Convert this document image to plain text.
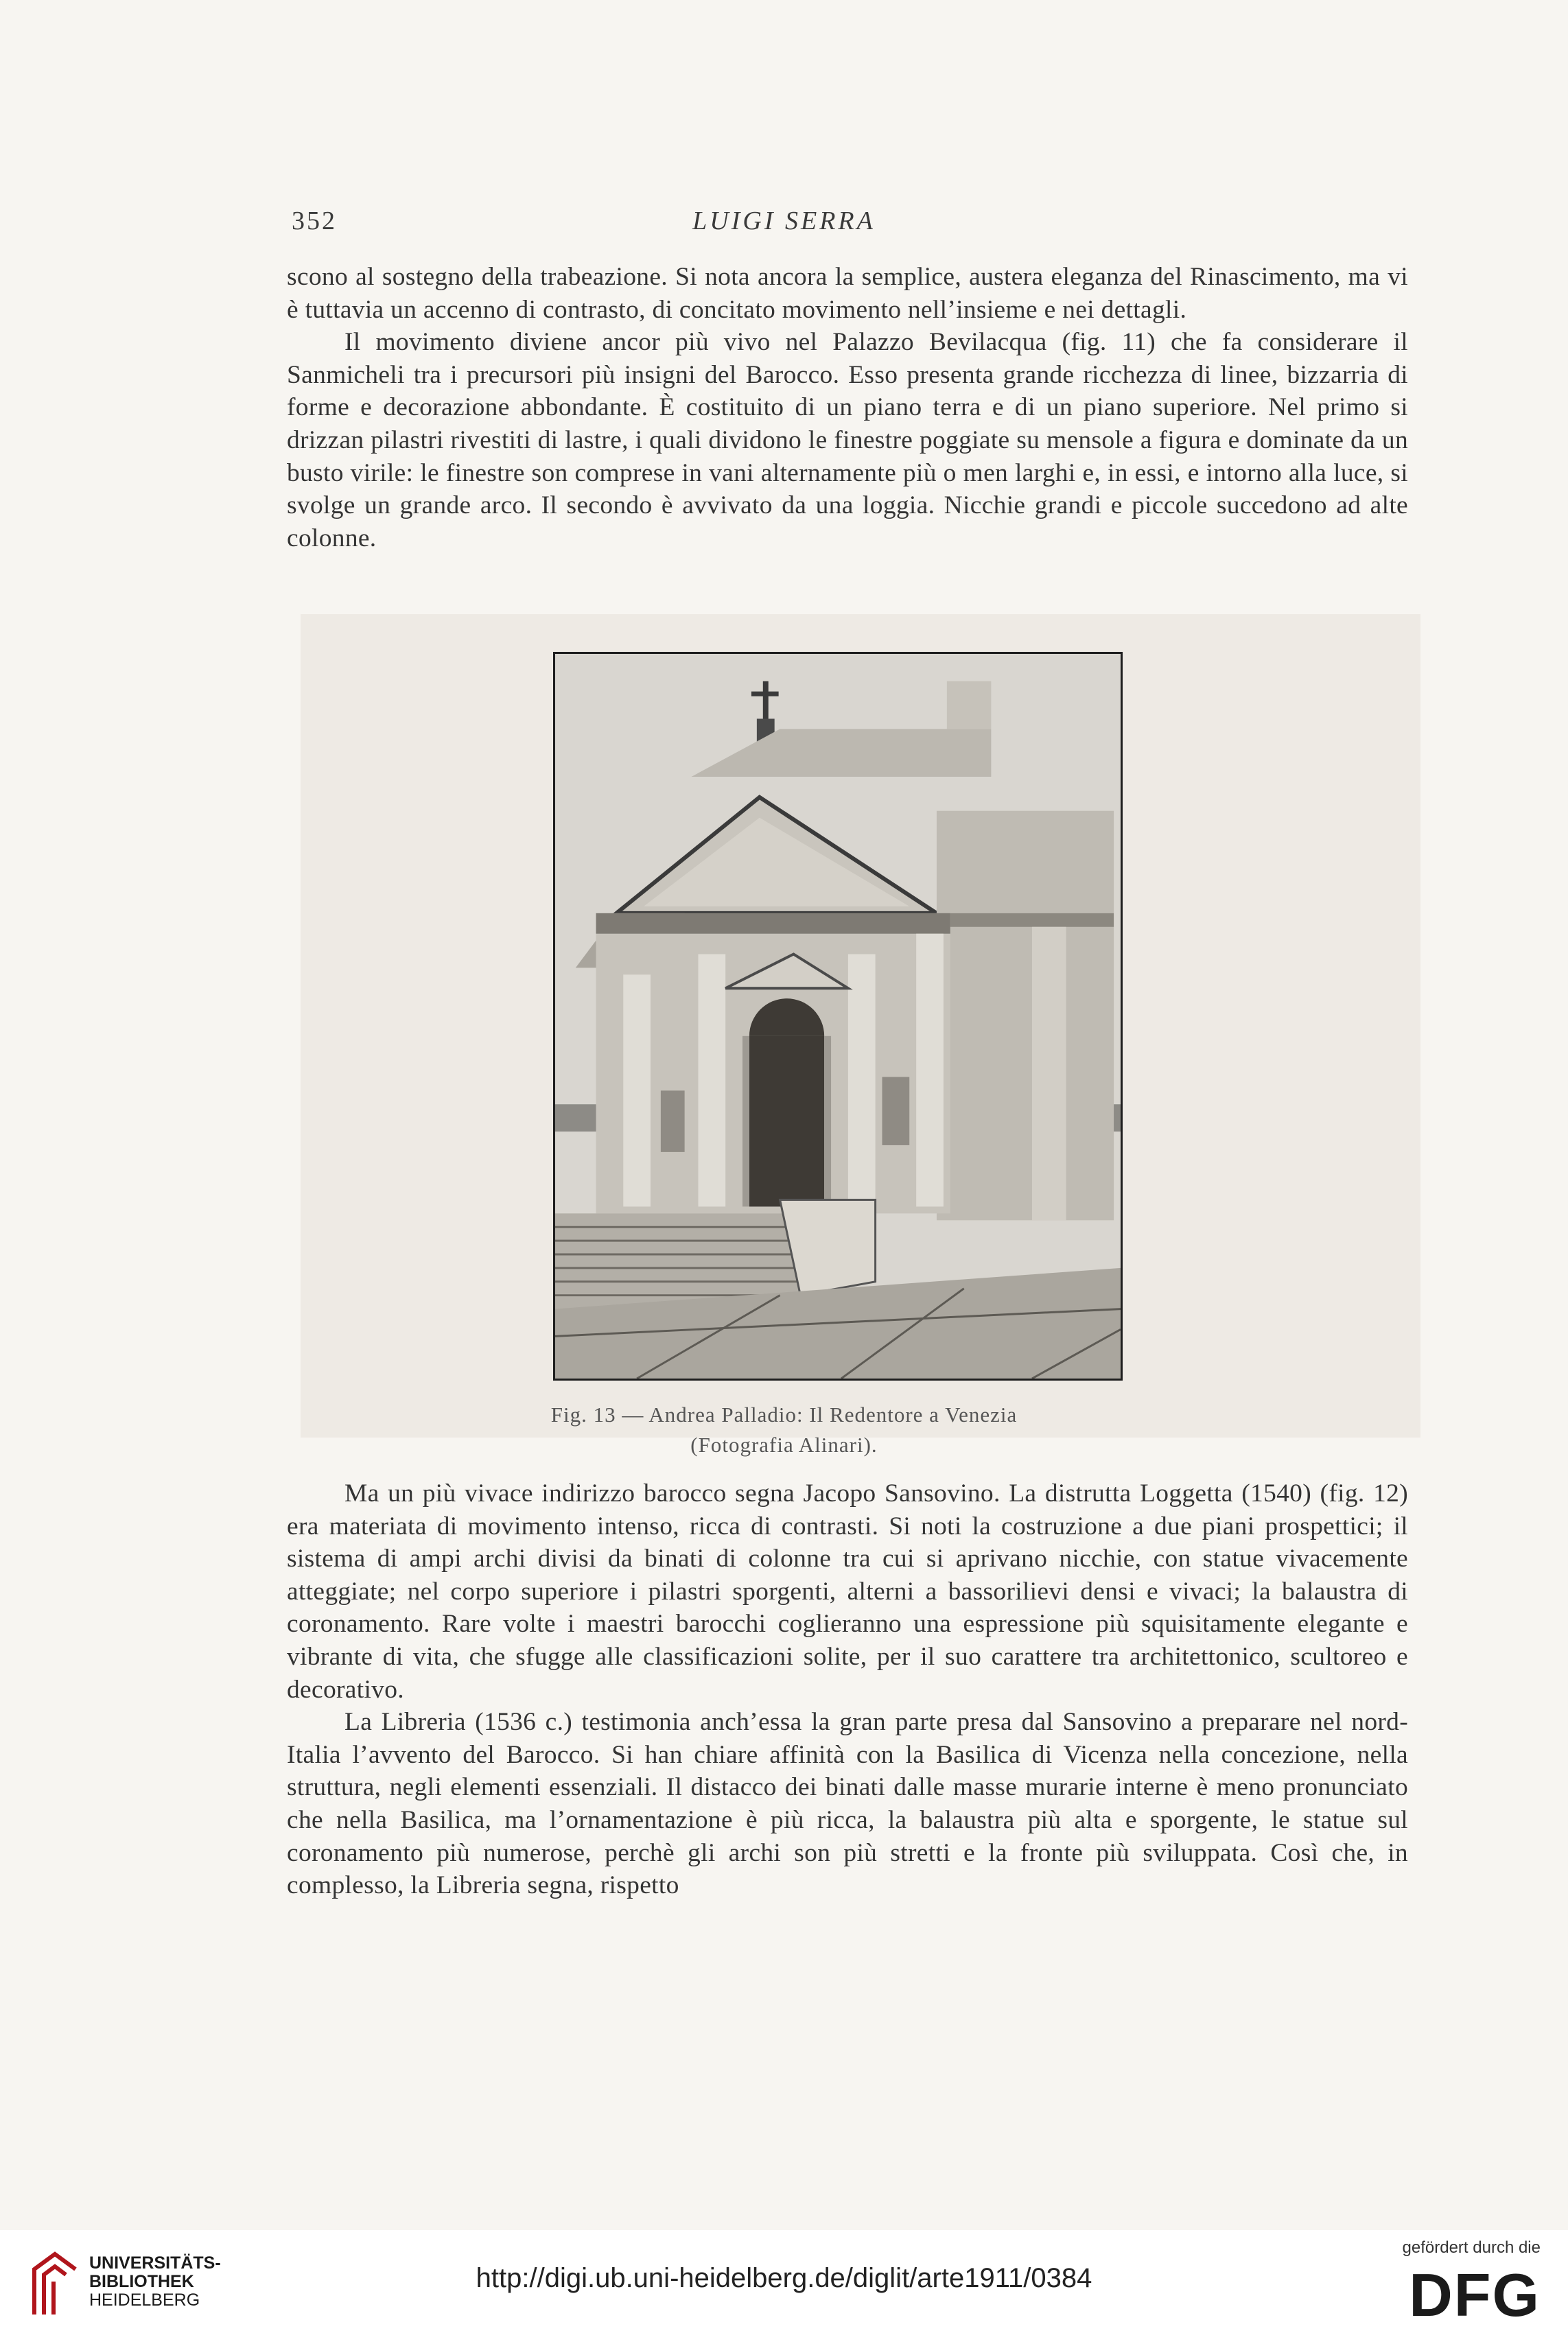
352	LUIGI SERRA

scono al sostegno della trabeazione. Si nota ancora la semplice, austera eleganza del Rinascimento, ma vi è tuttavia un accenno di contrasto, di concitato movimento nell’insieme e nei dettagli.

Il movimento diviene ancor più vivo nel Palazzo Bevilacqua (fig. 11) che fa considerare il Sanmicheli tra i precursori più insigni del Barocco. Esso presenta grande ricchezza di linee, bizzarria di forme e decorazione abbondante. È costituito di un piano terra e di un piano superiore. Nel primo si drizzan pilastri rivestiti di lastre, i quali dividono le finestre poggiate su mensole a figura e dominate da un busto virile: le finestre son comprese in vani alternamente più o men larghi e, in essi, e intorno alla luce, si svolge un grande arco. Il secondo è avvivato da una loggia. Nicchie grandi e piccole succedono ad alte colonne.

Fig. 13 — Andrea Palladio: Il Redentore a Venezia
(Fotografia Alinari).

Ma un più vivace indirizzo barocco segna Jacopo Sansovino. La distrutta Loggetta (1540) (fig. 12) era materiata di movimento intenso, ricca di contrasti. Si noti la costruzione a due piani prospettici; il sistema di ampi archi divisi da binati di colonne tra cui si aprivano nicchie, con statue vivacemente atteggiate; nel corpo superiore i pilastri sporgenti, alterni a bassorilievi densi e vivaci; la balaustra di coronamento. Rare volte i maestri barocchi coglieranno una espressione più squisitamente elegante e vibrante di vita, che sfugge alle classificazioni solite, per il suo carattere tra architettonico, scultoreo e decorativo.

La Libreria (1536 c.) testimonia anch’essa la gran parte presa dal Sansovino a preparare nel nord-Italia l’avvento del Barocco. Si han chiare affinità con la Basilica di Vicenza nella concezione, nella struttura, negli elementi essenziali. Il distacco dei binati dalle masse murarie interne è meno pronunciato che nella Basilica, ma l’ornamentazione è più ricca, la balaustra più alta e sporgente, le statue sul coronamento più numerose, perchè gli archi son più stretti e la fronte più sviluppata. Così che, in complesso, la Libreria segna, rispetto

UNIVERSITÄTS-
BIBLIOTHEK
HEIDELBERG
http://digi.ub.uni-heidelberg.de/diglit/arte1911/0384
gefördert durch die
DFG
